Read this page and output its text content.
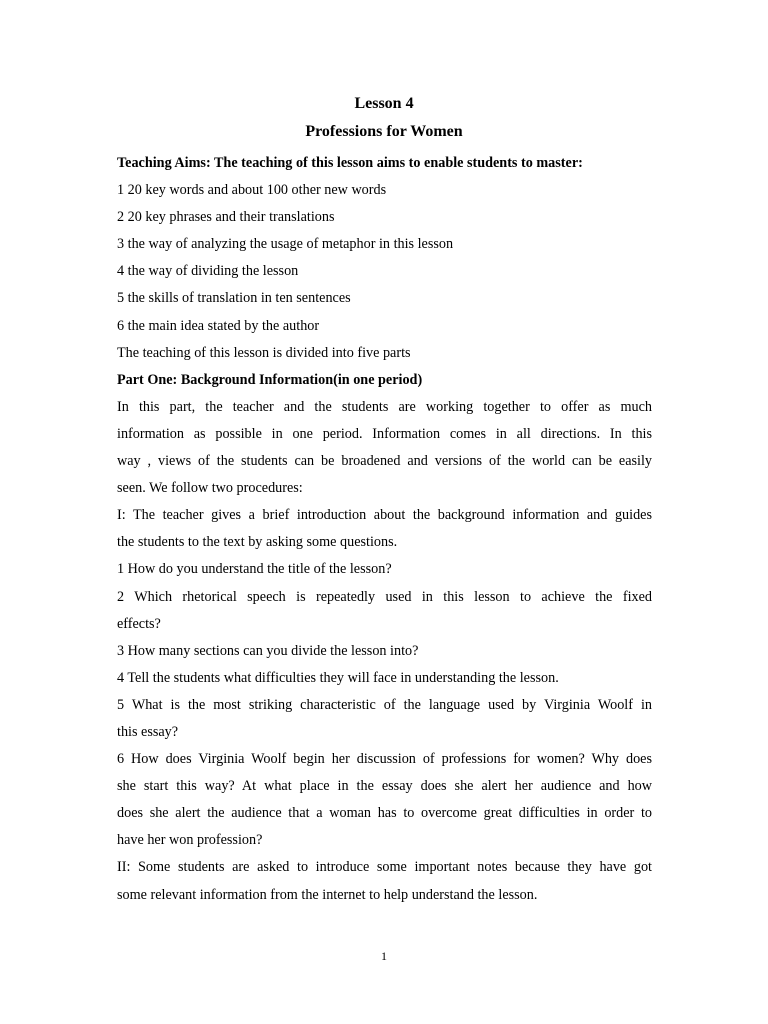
Lesson 4
Professions for Women
Teaching Aims: The teaching of this lesson aims to enable students to master:
1 20 key words and about 100 other new words
2 20 key phrases and their translations
3 the way of analyzing the usage of metaphor in this lesson
4 the way of dividing the lesson
5 the skills of translation in ten sentences
6 the main idea stated by the author
The teaching of this lesson is divided into five parts
Part One: Background Information(in one period)
In this part, the teacher and the students are working together to offer as much
information as possible in one period. Information comes in all directions. In this
way , views of the students can be broadened and versions of the world can be easily
seen. We follow two procedures:
I: The teacher gives a brief introduction about the background information and guides
the students to the text by asking some questions.
1 How do you understand the title of the lesson?
2 Which rhetorical speech is repeatedly used in this lesson to achieve the fixed
effects?
3 How many sections can you divide the lesson into?
4 Tell the students what difficulties they will face in understanding the lesson.
5 What is the most striking characteristic of the language used by Virginia Woolf in
this essay?
6 How does Virginia Woolf begin her discussion of professions for women? Why does
she start this way? At what place in the essay does she alert her audience and how
does she alert the audience that a woman has to overcome great difficulties in order to
have her won profession?
II: Some students are asked to introduce some important notes because they have got
some relevant information from the internet to help understand the lesson.
1
